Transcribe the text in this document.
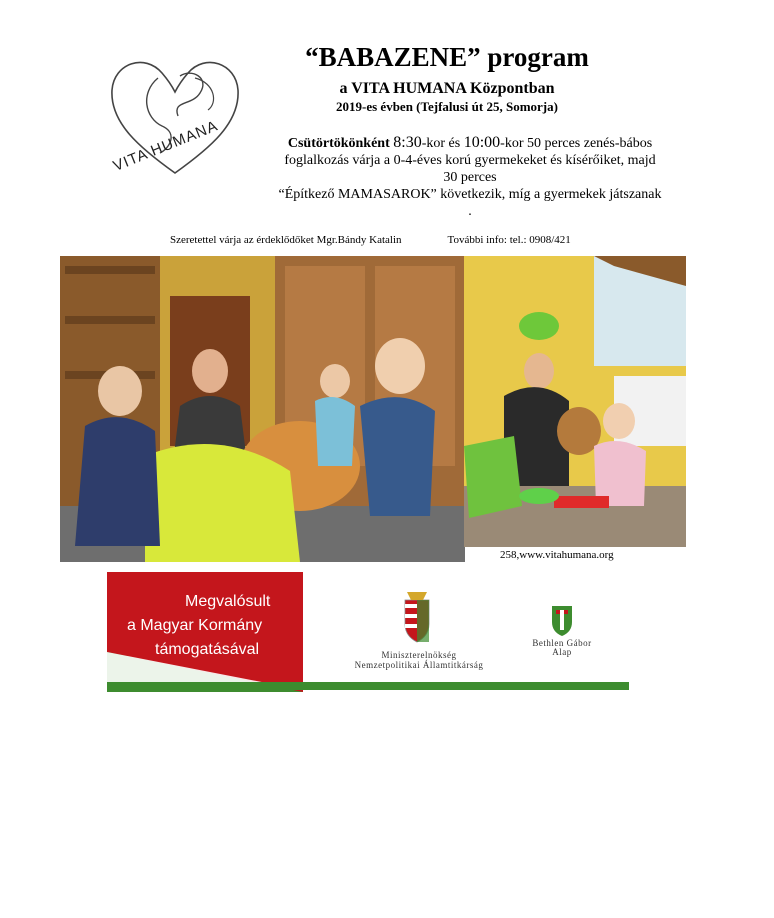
VITA HUMANA
“BABAZENE” program
a VITA HUMANA Központban
2019-es évben (Tejfalusi út 25, Somorja)
Csütörtökönként 8:30-kor és 10:00-kor 50 perces zenés-bábos
foglalkozás várja a 0-4-éves korú gyermekeket és kísérőiket, majd
30 perces
“Építkező MAMASAROK” következik, míg a gyermekek játszanak
.
Szeretettel várja az érdeklődőket Mgr.Bándy Katalin	További info: tel.: 0908/421
258,www.vitahumana.org
Megvalósult
a Magyar Kormány
támogatásával	Miniszterelnökség
Nemzetpolitikai Államtitkárság
Bethlen Gábor
Alap
